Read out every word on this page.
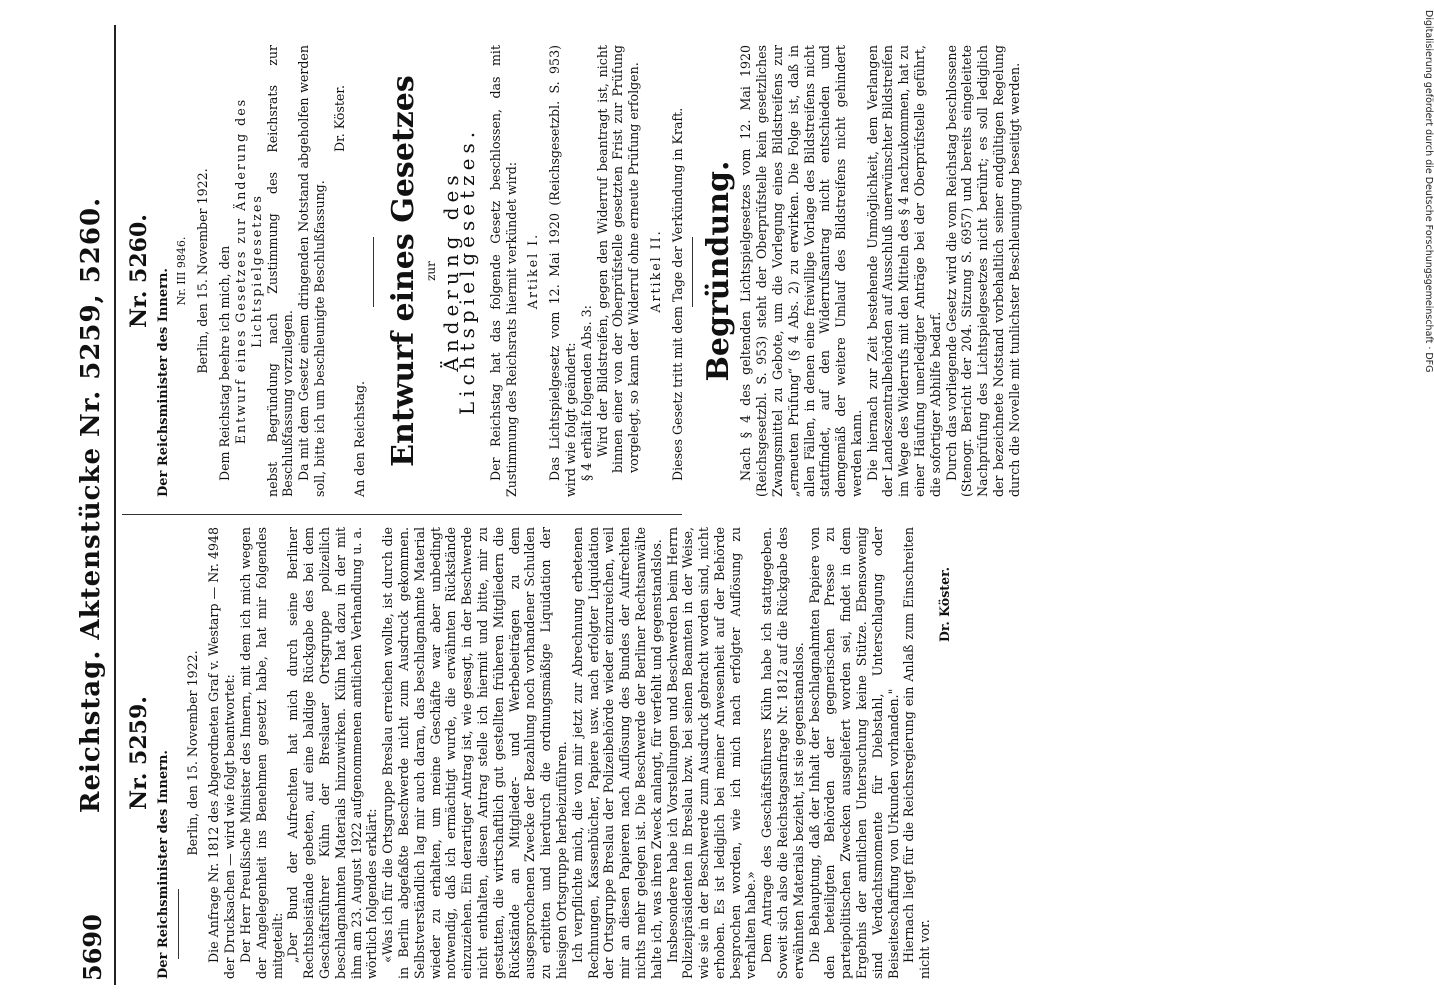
5690
Reichstag. Aktenstücke Nr. 5259, 5260. Nr. 5259. Der Reichsminister des Innern. Berlin, den 15. November 1922. Die Anfrage Nr. 1812 des Abgeordneten Graf v. Westarp — Nr. 4948 der Drucksachen — wird wie folgt beantwortet: Der Herr Preußische Minister des Innern, mit dem ich mich wegen der Angelegenheit ins Benehmen gesetzt habe, hat mir folgendes mitgeteilt: „Der Bund der Aufrechten hat mich durch seine Berliner Rechtsbeistände gebeten, auf eine baldige Rückgabe des bei dem Geschäftsführer Kühn der Breslauer Ortsgruppe polizeilich beschlagnahmten Materials hinzuwirken. Kühn hat dazu in der mit ihm am 23. August 1922 aufgenommenen amtlichen Verhandlung u. a. wörtlich folgendes erklärt: «Was ich für die Ortsgruppe Breslau erreichen wollte, ist durch die in Berlin abgefaßte Beschwerde nicht zum Ausdruck gekommen. Selbstverständlich lag mir auch daran, das beschlagnahmte Material wieder zu erhalten, um meine Geschäfte war aber unbedingt notwendig, daß ich ermächtigt wurde, die erwähnten Rückstände einzuziehen. Ein derartiger Antrag ist, wie gesagt, in der Beschwerde nicht enthalten, diesen Antrag stelle ich hiermit und bitte, mir zu gestatten, die wirtschaftlich gut gestellten früheren Mitgliedern die Rückstände an Mitglieder- und Werbebeiträgen zu dem ausgesprochenen Zwecke der Bezahlung noch vorhandener Schulden zu erbitten und hierdurch die ordnungsmäßige Liquidation der hiesigen Ortsgruppe herbeizuführen. Ich verpflichte mich, die von mir jetzt zur Abrechnung erbetenen Rechnungen, Kassenbücher, Papiere usw. nach erfolgter Liquidation der Ortsgruppe Breslau der Polizeibehörde wieder einzureichen, weil mir an diesen Papieren nach Auflösung des Bundes der Aufrechten nichts mehr gelegen ist. Die Beschwerde der Berliner Rechtsanwälte halte ich, was ihren Zweck anlangt, für verfehlt und gegenstandslos. Insbesondere habe ich Vorstellungen und Beschwerden beim Herrn Polizeipräsidenten in Breslau bzw. bei seinen Beamten in der Weise, wie sie in der Beschwerde zum Ausdruck gebracht worden sind, nicht erhoben. Es ist lediglich bei meiner Anwesenheit auf der Behörde besprochen worden, wie ich mich nach erfolgter Auflösung zu verhalten habe.» Dem Antrage des Geschäftsführers Kühn habe ich stattgegeben. Soweit sich also die Reichstagsanfrage Nr. 1812 auf die Rückgabe des erwähnten Materials bezieht, ist sie gegenstandslos. Die Behauptung, daß der Inhalt der beschlagnahmten Papiere von den beteiligten Behörden der gegnerischen Presse zu parteipolitischen Zwecken ausgeliefert worden sei, findet in dem Ergebnis der amtlichen Untersuchung keine Stütze. Ebensowenig sind Verdachtsmomente für Diebstahl, Unterschlagung oder Beiseiteschaffung von Urkunden vorhanden." Hiernach liegt für die Reichsregierung ein Anlaß zum Einschreiten nicht vor.

Dr. Köster.
Nr. 5260. Der Reichsminister des Innern. Nr. III 9846. Berlin, den 15. November 1922. Dem Reichstag beehre ich mich, den Entwurf eines Gesetzes zur Änderung des Lichtspielgesetzes nebst Begründung nach Zustimmung des Reichsrats zur Beschlußfassung vorzulegen. Da mit dem Gesetz einem dringenden Notstand abgeholfen werden soll, bitte ich um beschleunigte Beschlußfassung.

Dr. Köster.

An den Reichstag. Entwurf eines Gesetzes zur Änderung des Lichtspielgesetzes. Der Reichstag hat das folgende Gesetz beschlossen, das mit Zustimmung des Reichsrats hiermit verkündet wird: Artikel I. Das Lichtspielgesetz vom 12. Mai 1920 (Reichsgesetzbl. S. 953) wird wie folgt geändert: § 4 erhält folgenden Abs. 3: Wird der Bildstreifen, gegen den Widerruf beantragt ist, nicht binnen einer von der Oberprüfstelle gesetzten Frist zur Prüfung vorgelegt, so kann der Widerruf ohne erneute Prüfung erfolgen. Artikel II. Dieses Gesetz tritt mit dem Tage der Verkündung in Kraft. Begründung. Nach § 4 des geltenden Lichtspielgesetzes vom 12. Mai 1920 (Reichsgesetzbl. S. 953) steht der Oberprüfstelle kein gesetzliches Zwangsmittel zu Gebote, um die Vorlegung eines Bildstreifens zur „erneuten Prüfung“ (§ 4 Abs. 2) zu erwirken. Die Folge ist, daß in allen Fällen, in denen eine freiwillige Vorlage des Bildstreifens nicht stattfindet, auf den Widerrufsantrag nicht entschieden und demgemäß der weitere Umlauf des Bildstreifens nicht gehindert werden kann. Die hiernach zur Zeit bestehende Unmöglichkeit, dem Verlangen der Landeszentralbehörden auf Ausschluß unerwünschter Bildstreifen im Wege des Widerrufs mit den Mitteln des § 4 nachzukommen, hat zu einer Häufung unerledigter Anträge bei der Oberprüfstelle geführt, die sofortiger Abhilfe bedarf. Durch das vorliegende Gesetz wird die vom Reichstag beschlossene (Stenogr. Bericht der 204. Sitzung S. 6957) und bereits eingeleitete Nachprüfung des Lichtspielgesetzes nicht berührt; es soll lediglich der bezeichnete Notstand vorbehaltlich seiner endgültigen Regelung durch die Novelle mit tunlichster Beschleunigung beseitigt werden.	Digitalisierung gefördert durch die Deutsche Forschungsgemeinschaft · DFG
